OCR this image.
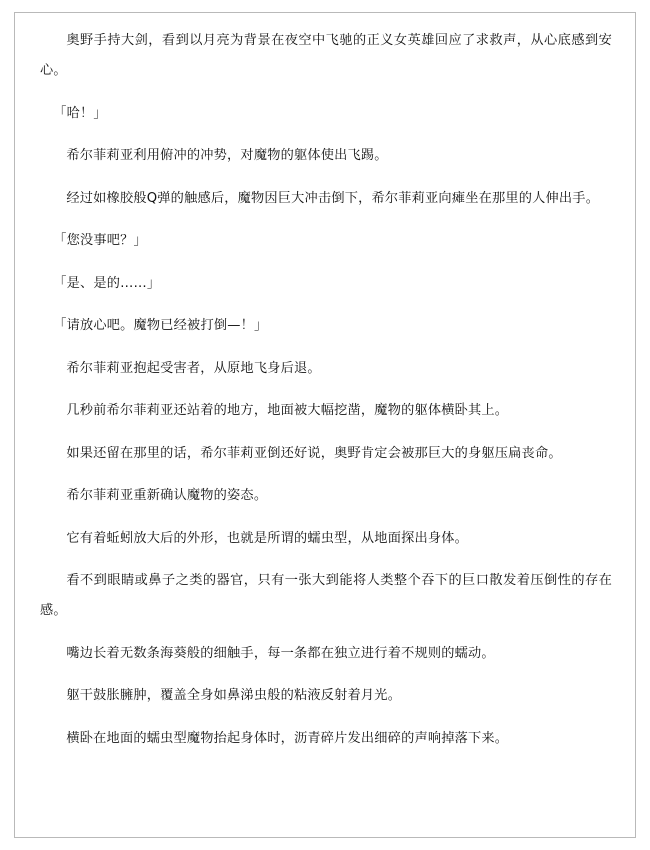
奥野手持大剑，看到以月亮为背景在夜空中飞驰的正义女英雄回应了求救声，从心底感到安心。

「哈！」

希尔菲莉亚利用俯冲的冲势，对魔物的躯体使出飞踢。

经过如橡胶般Q弹的触感后，魔物因巨大冲击倒下，希尔菲莉亚向瘫坐在那里的人伸出手。

「您没事吧？」

「是、是的……」

「请放心吧。魔物已经被打倒—！」

希尔菲莉亚抱起受害者，从原地飞身后退。

几秒前希尔菲莉亚还站着的地方，地面被大幅挖凿，魔物的躯体横卧其上。

如果还留在那里的话，希尔菲莉亚倒还好说，奥野肯定会被那巨大的身躯压扁丧命。

希尔菲莉亚重新确认魔物的姿态。

它有着蚯蚓放大后的外形，也就是所谓的蠕虫型，从地面探出身体。

看不到眼睛或鼻子之类的器官，只有一张大到能将人类整个吞下的巨口散发着压倒性的存在感。

嘴边长着无数条海葵般的细触手，每一条都在独立进行着不规则的蠕动。

躯干鼓胀臃肿，覆盖全身如鼻涕虫般的粘液反射着月光。

横卧在地面的蠕虫型魔物抬起身体时，沥青碎片发出细碎的声响掉落下来。
